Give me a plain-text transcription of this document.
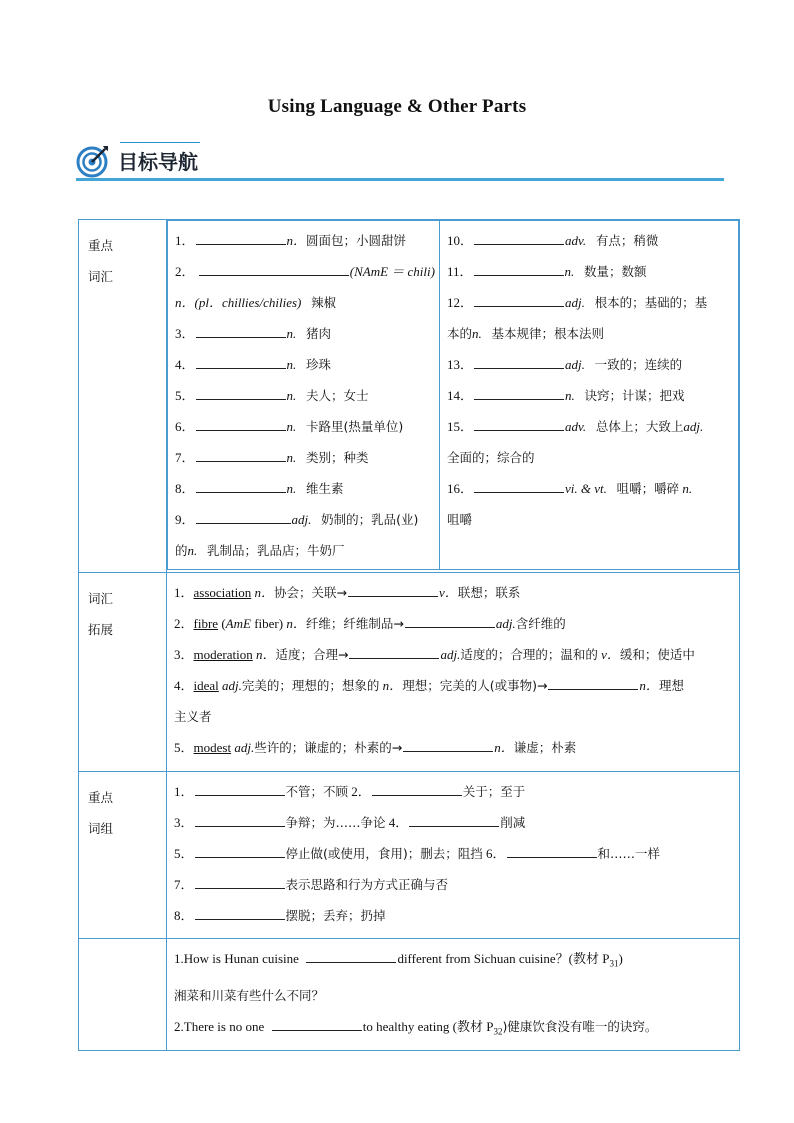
Using Language & Other Parts
目标导航
重点
词汇

1．	n．圆面包；小圆甜饼
2．	(NAmE ＝ chili)
n．(pl．chillies/chilies) 辣椒
3．	n. 猪肉
4．	n. 珍珠
5．	n. 夫人；女士
6．	n. 卡路里(热量单位)
7．	n. 类别；种类
8．	n. 维生素
9．	adj. 奶制的；乳品(业)
的n. 乳制品；乳品店；牛奶厂

10．	adv. 有点；稍微
11．	n. 数量；数额
12．	adj. 根本的；基础的；基
本的n. 基本规律；根本法则
13．	adj. 一致的；连续的
14．	n. 诀窍；计谋；把戏
15．	adv. 总体上；大致上adj.
全面的；综合的
16．	vi. & vt. 咀嚼；嚼碎 n.
咀嚼

词汇
拓展

1．association n．协会；关联→	v．联想；联系
2．fibre (AmE fiber) n．纤维；纤维制品→	adj.含纤维的
3．moderation n．适度；合理→	adj.适度的；合理的；温和的 v．缓和；使适中
4．ideal adj.完美的；理想的；想象的 n．理想；完美的人(或事物)→	n．理想
主义者
5．modest adj.些许的；谦虚的；朴素的→	n．谦虚；朴素

重点
词组

1．	不管；不顾 2．	关于；至于
3．	争辩；为……争论 4．	削减
5．	停止做(或使用，食用)；删去；阻挡 6．	和……一样
7．	表示思路和行为方式正确与否
8．	摆脱；丢弃；扔掉

1.How is Hunan cuisine	different from Sichuan cuisine？(教材 $P_{31}$)
湘菜和川菜有些什么不同？
2.There is no one	to healthy eating (教材 $P_{32}$)健康饮食没有唯一的诀窍。
